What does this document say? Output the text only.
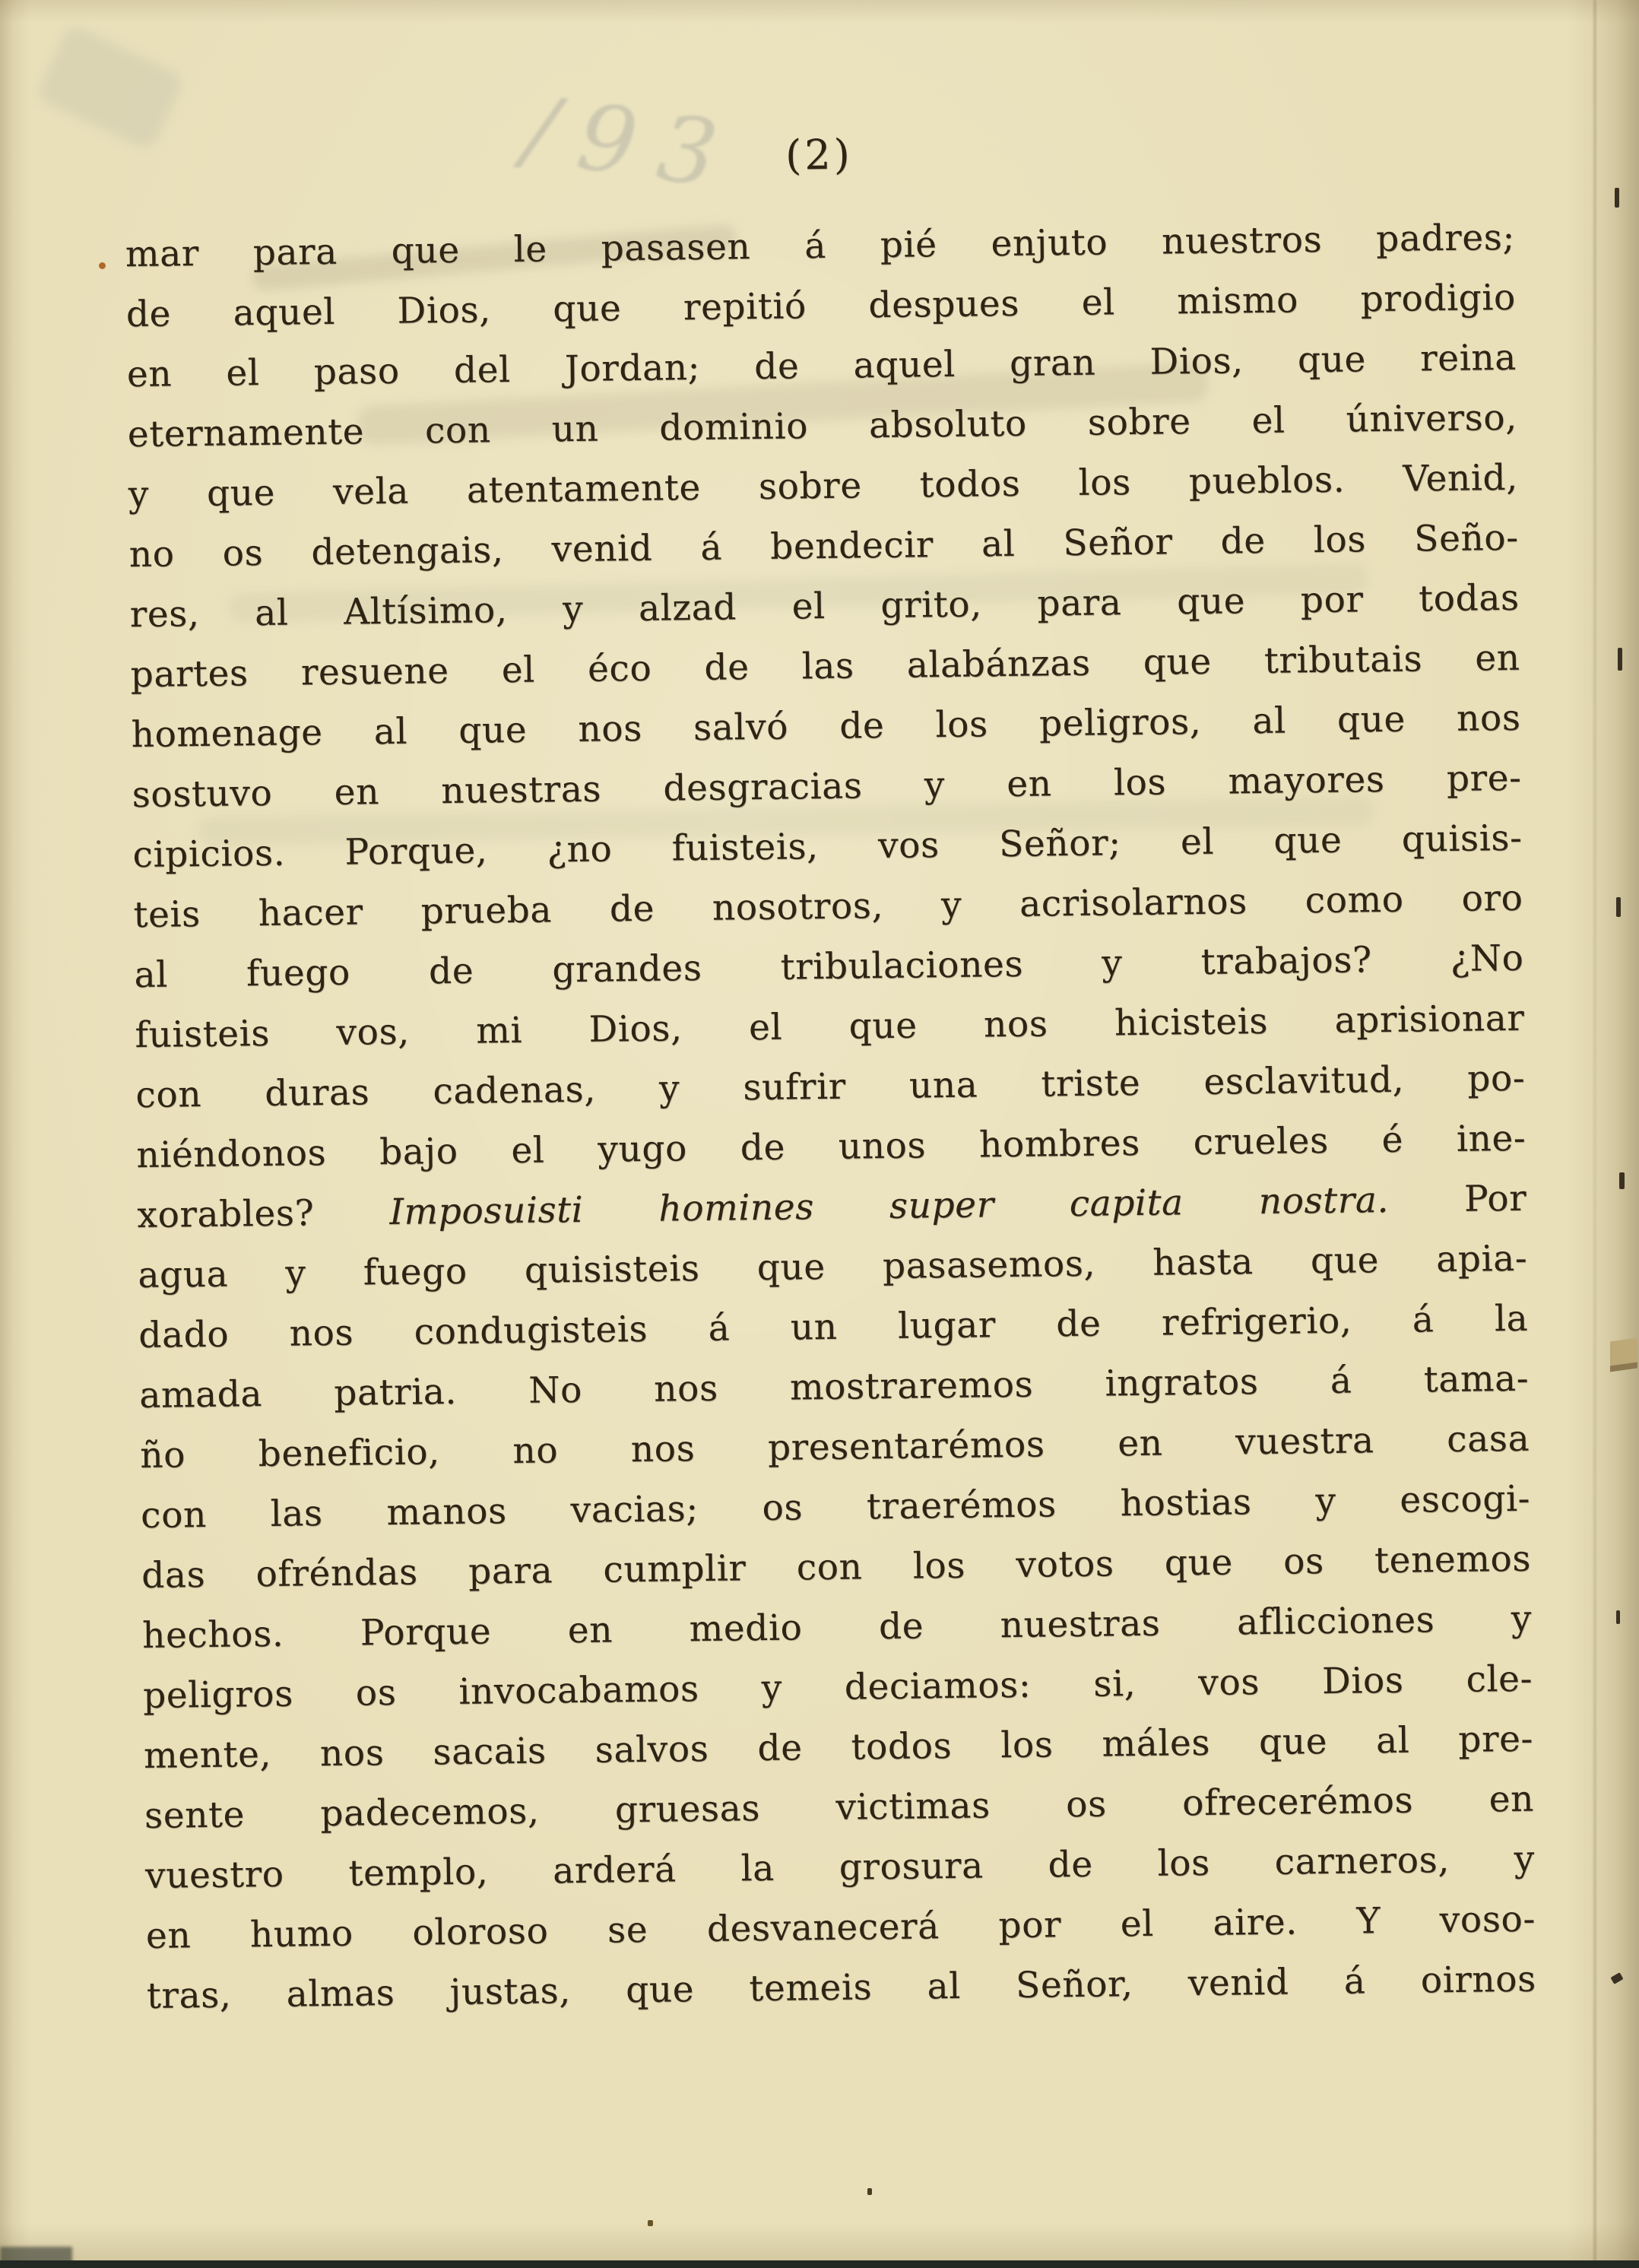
/93 (2)
mar para que le pasasen á pié enjuto nuestros padres;
de aquel Dios, que repitió despues el mismo prodigio
en el paso del Jordan; de aquel gran Dios, que reina
eternamente con un dominio absoluto sobre el úniverso,
y que vela atentamente sobre todos los pueblos. Venid,
no os detengais, venid á bendecir al Señor de los Seño-
res, al Altísimo, y alzad el grito, para que por todas
partes resuene el éco de las alabánzas que tributais en
homenage al que nos salvó de los peligros, al que nos
sostuvo en nuestras desgracias y en los mayores pre-
cipicios. Porque, ¿no fuisteis, vos Señor; el que quisis-
teis hacer prueba de nosotros, y acrisolarnos como oro
al fuego de grandes tribulaciones y trabajos? ¿No
fuisteis vos, mi Dios, el que nos hicisteis aprisionar
con duras cadenas, y sufrir una triste esclavitud, po-
niéndonos bajo el yugo de unos hombres crueles é ine-
xorables? Imposuisti homines super capita nostra. Por
agua y fuego quisisteis que pasasemos, hasta que apia-
dado nos condugisteis á un lugar de refrigerio, á la
amada patria. No nos mostraremos ingratos á tama-
ño beneficio, no nos presentarémos en vuestra casa
con las manos vacias; os traerémos hostias y escogi-
das ofréndas para cumplir con los votos que os tenemos
hechos. Porque en medio de nuestras aflicciones y
peligros os invocabamos y deciamos: si, vos Dios cle-
mente, nos sacais salvos de todos los máles que al pre-
sente padecemos, gruesas victimas os ofrecerémos en
vuestro templo, arderá la grosura de los carneros, y
en humo oloroso se desvanecerá por el aire. Y voso-
tras, almas justas, que temeis al Señor, venid á oirnos
